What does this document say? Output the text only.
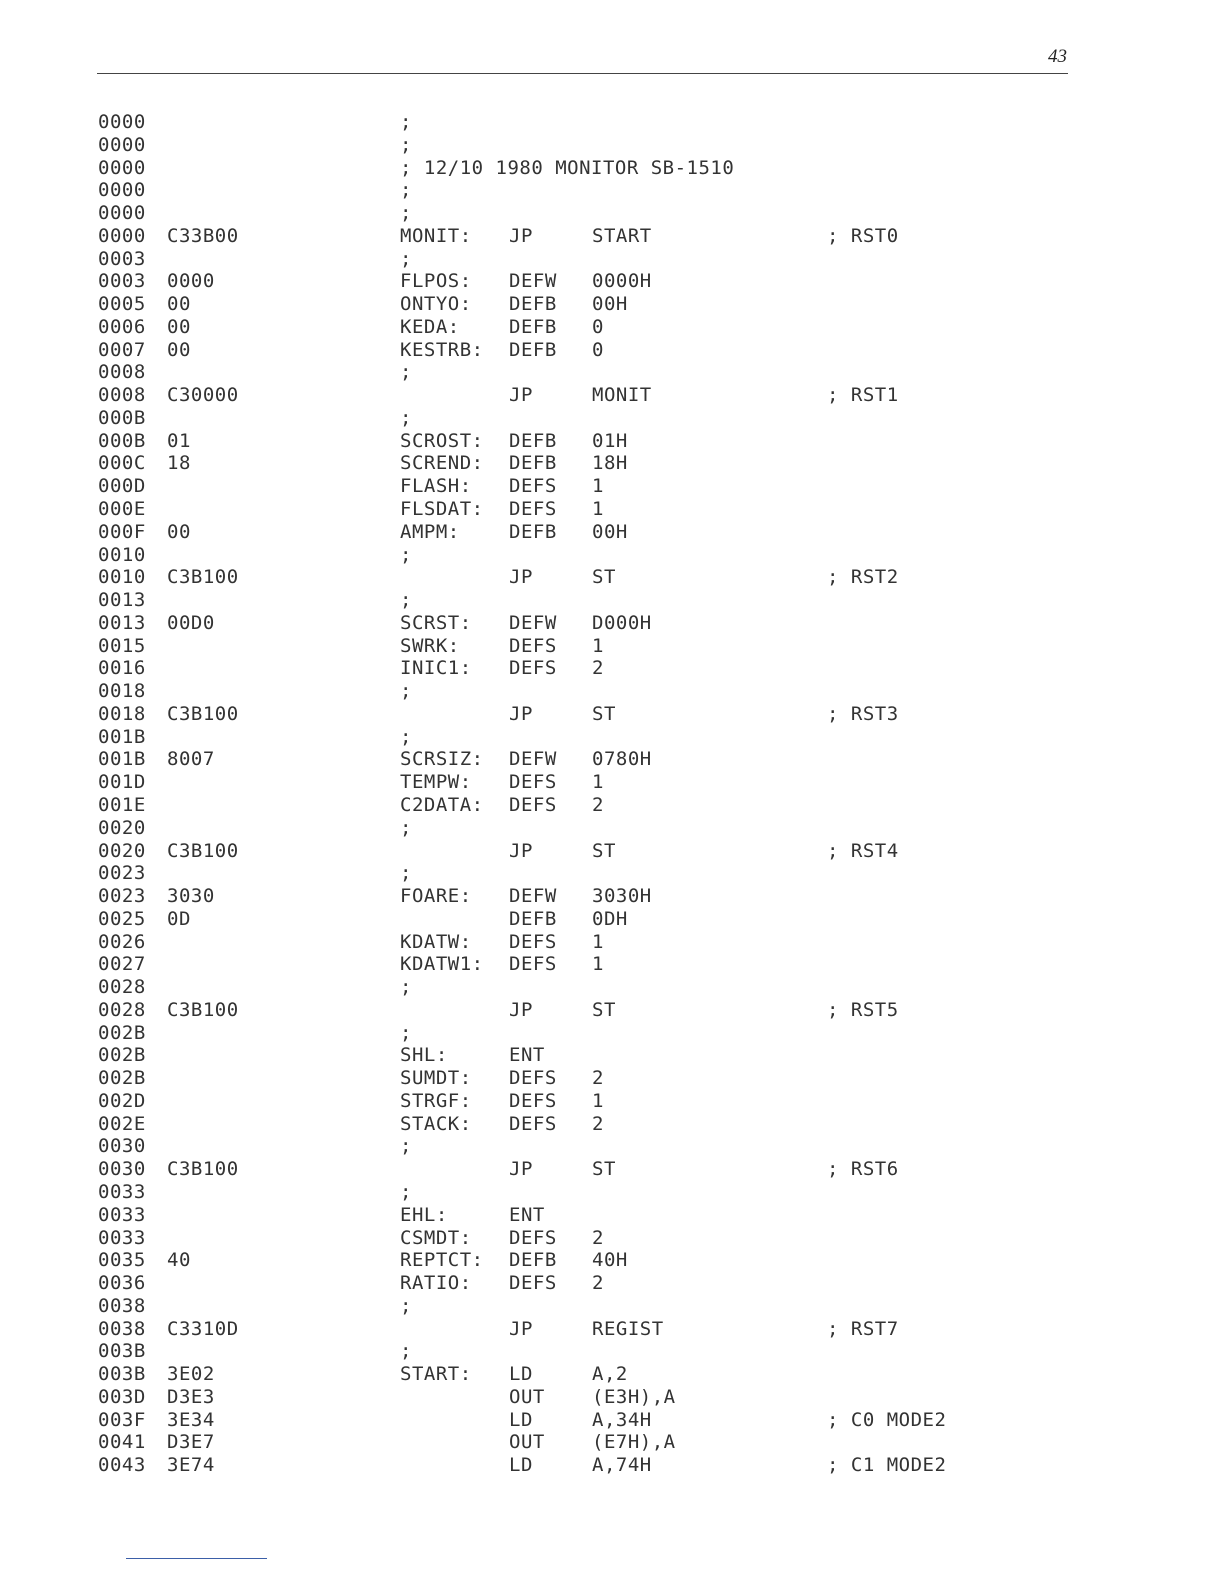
43
0000	;
0000	;
0000	; 12/10 1980 MONITOR SB-1510
0000	;
0000	;
0000 C33B00	MONIT: JP	START	; RST0
0003	;
0003 0000	FLPOS: DEFW 0000H
0005 00	ONTYO: DEFB 00H
0006 00	KEDA:	DEFB 0
0007 00	KESTRB: DEFB 0
0008	;
0008 C30000	JP	MONIT	; RST1
000B	;
000B 01	SCROST: DEFB 01H
000C 18	SCREND: DEFB 18H
000D	FLASH: DEFS 1
000E	FLSDAT: DEFS 1
000F 00	AMPM:	DEFB 00H
0010	;
0010 C3B100	JP	ST	; RST2
0013	;
0013 00D0	SCRST: DEFW D000H
0015	SWRK:	DEFS 1
0016	INIC1: DEFS 2
0018	;
0018 C3B100	JP	ST	; RST3
001B	;
001B 8007	SCRSIZ: DEFW 0780H
001D	TEMPW: DEFS 1
001E	C2DATA: DEFS 2
0020	;
0020 C3B100	JP	ST	; RST4
0023	;
0023 3030	FOARE: DEFW 3030H
0025 0D	DEFB 0DH
0026	KDATW: DEFS 1
0027	KDATW1: DEFS 1
0028	;
0028 C3B100	JP	ST	; RST5
002B	;
002B	SHL:	ENT
002B	SUMDT: DEFS 2
002D	STRGF: DEFS 1
002E	STACK: DEFS 2
0030	;
0030 C3B100	JP	ST	; RST6
0033	;
0033	EHL:	ENT
0033	CSMDT: DEFS 2
0035 40	REPTCT: DEFB 40H
0036	RATIO: DEFS 2
0038	;
0038 C3310D	JP	REGIST	; RST7
003B	;
003B 3E02	START: LD	A,2
003D D3E3	OUT (E3H),A
003F 3E34	LD	A,34H	; C0 MODE2
0041 D3E7	OUT (E7H),A
0043 3E74	LD	A,74H	; C1 MODE2
